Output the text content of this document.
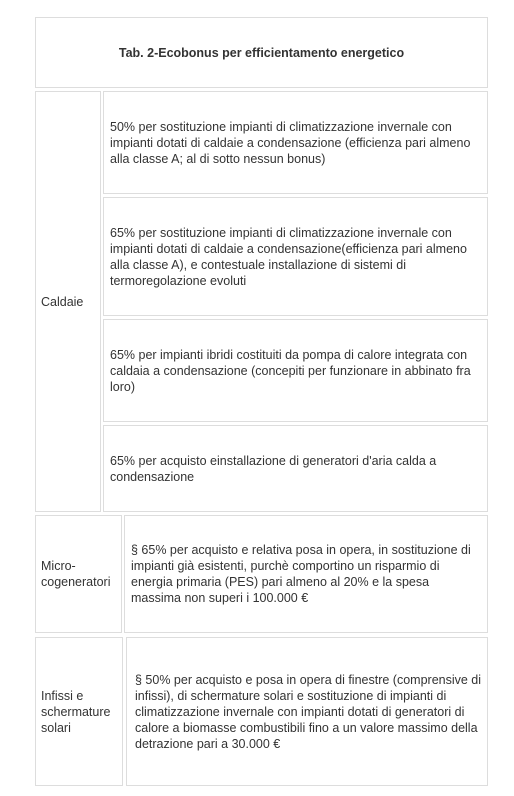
Tab. 2-Ecobonus per efficientamento energetico
Caldaie
50% per sostituzione impianti di climatizzazione invernale con impianti dotati di caldaie a condensazione (efficienza pari almeno alla classe A; al di sotto nessun bonus)
65% per sostituzione impianti di climatizzazione invernale con impianti dotati di caldaie a condensazione(efficienza pari almeno alla classe A), e contestuale installazione di sistemi di termoregolazione evoluti
65% per impianti ibridi costituiti da pompa di calore integrata con caldaia a condensazione (concepiti per funzionare in abbinato fra loro)
65% per acquisto einstallazione di generatori d'aria calda a condensazione
Micro-
cogeneratori
§ 65% per acquisto e relativa posa in opera, in sostituzione di impianti già esistenti, purchè comportino un risparmio di energia primaria (PES) pari almeno al 20% e la spesa massima non superi i 100.000 €
Infissi e schermature solari
§ 50% per acquisto e posa in opera di finestre (comprensive di infissi), di schermature solari e sostituzione di impianti di climatizzazione invernale con impianti dotati di generatori di calore a biomasse combustibili fino a un valore massimo della detrazione pari a 30.000 €
